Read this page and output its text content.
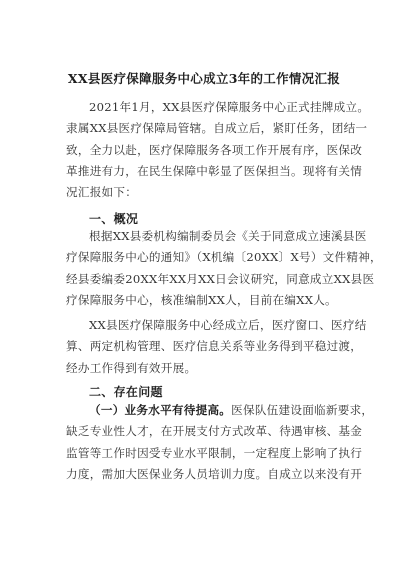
XX县医疗保障服务中心成立3年的工作情况汇报

2021年1月，XX县医疗保障服务中心正式挂牌成立。
隶属XX县医疗保障局管辖。自成立后，紧盯任务，团结一
致，全力以赴，医疗保障服务各项工作开展有序，医保改
革推进有力，在民生保障中彰显了医保担当。现将有关情
况汇报如下：

一、概况

根据XX县委机构编制委员会《关于同意成立速溪县医
疗保障服务中心的通知》（X机编〔20XX〕X号）文件精神，
经县委编委20XX年XX月XX日会议研究，同意成立XX县医
疗保障服务中心，核准编制XX人，目前在编XX人。

XX县医疗保障服务中心经成立后，医疗窗口、医疗结
算、两定机构管理、医疗信息关系等业务得到平稳过渡，
经办工作得到有效开展。

二、存在问题

（一）业务水平有待提高。医保队伍建设面临新要求，
缺乏专业性人才，在开展支付方式改革、待遇审核、基金
监管等工作时因受专业水平限制，一定程度上影响了执行
力度，需加大医保业务人员培训力度。自成立以来没有开
